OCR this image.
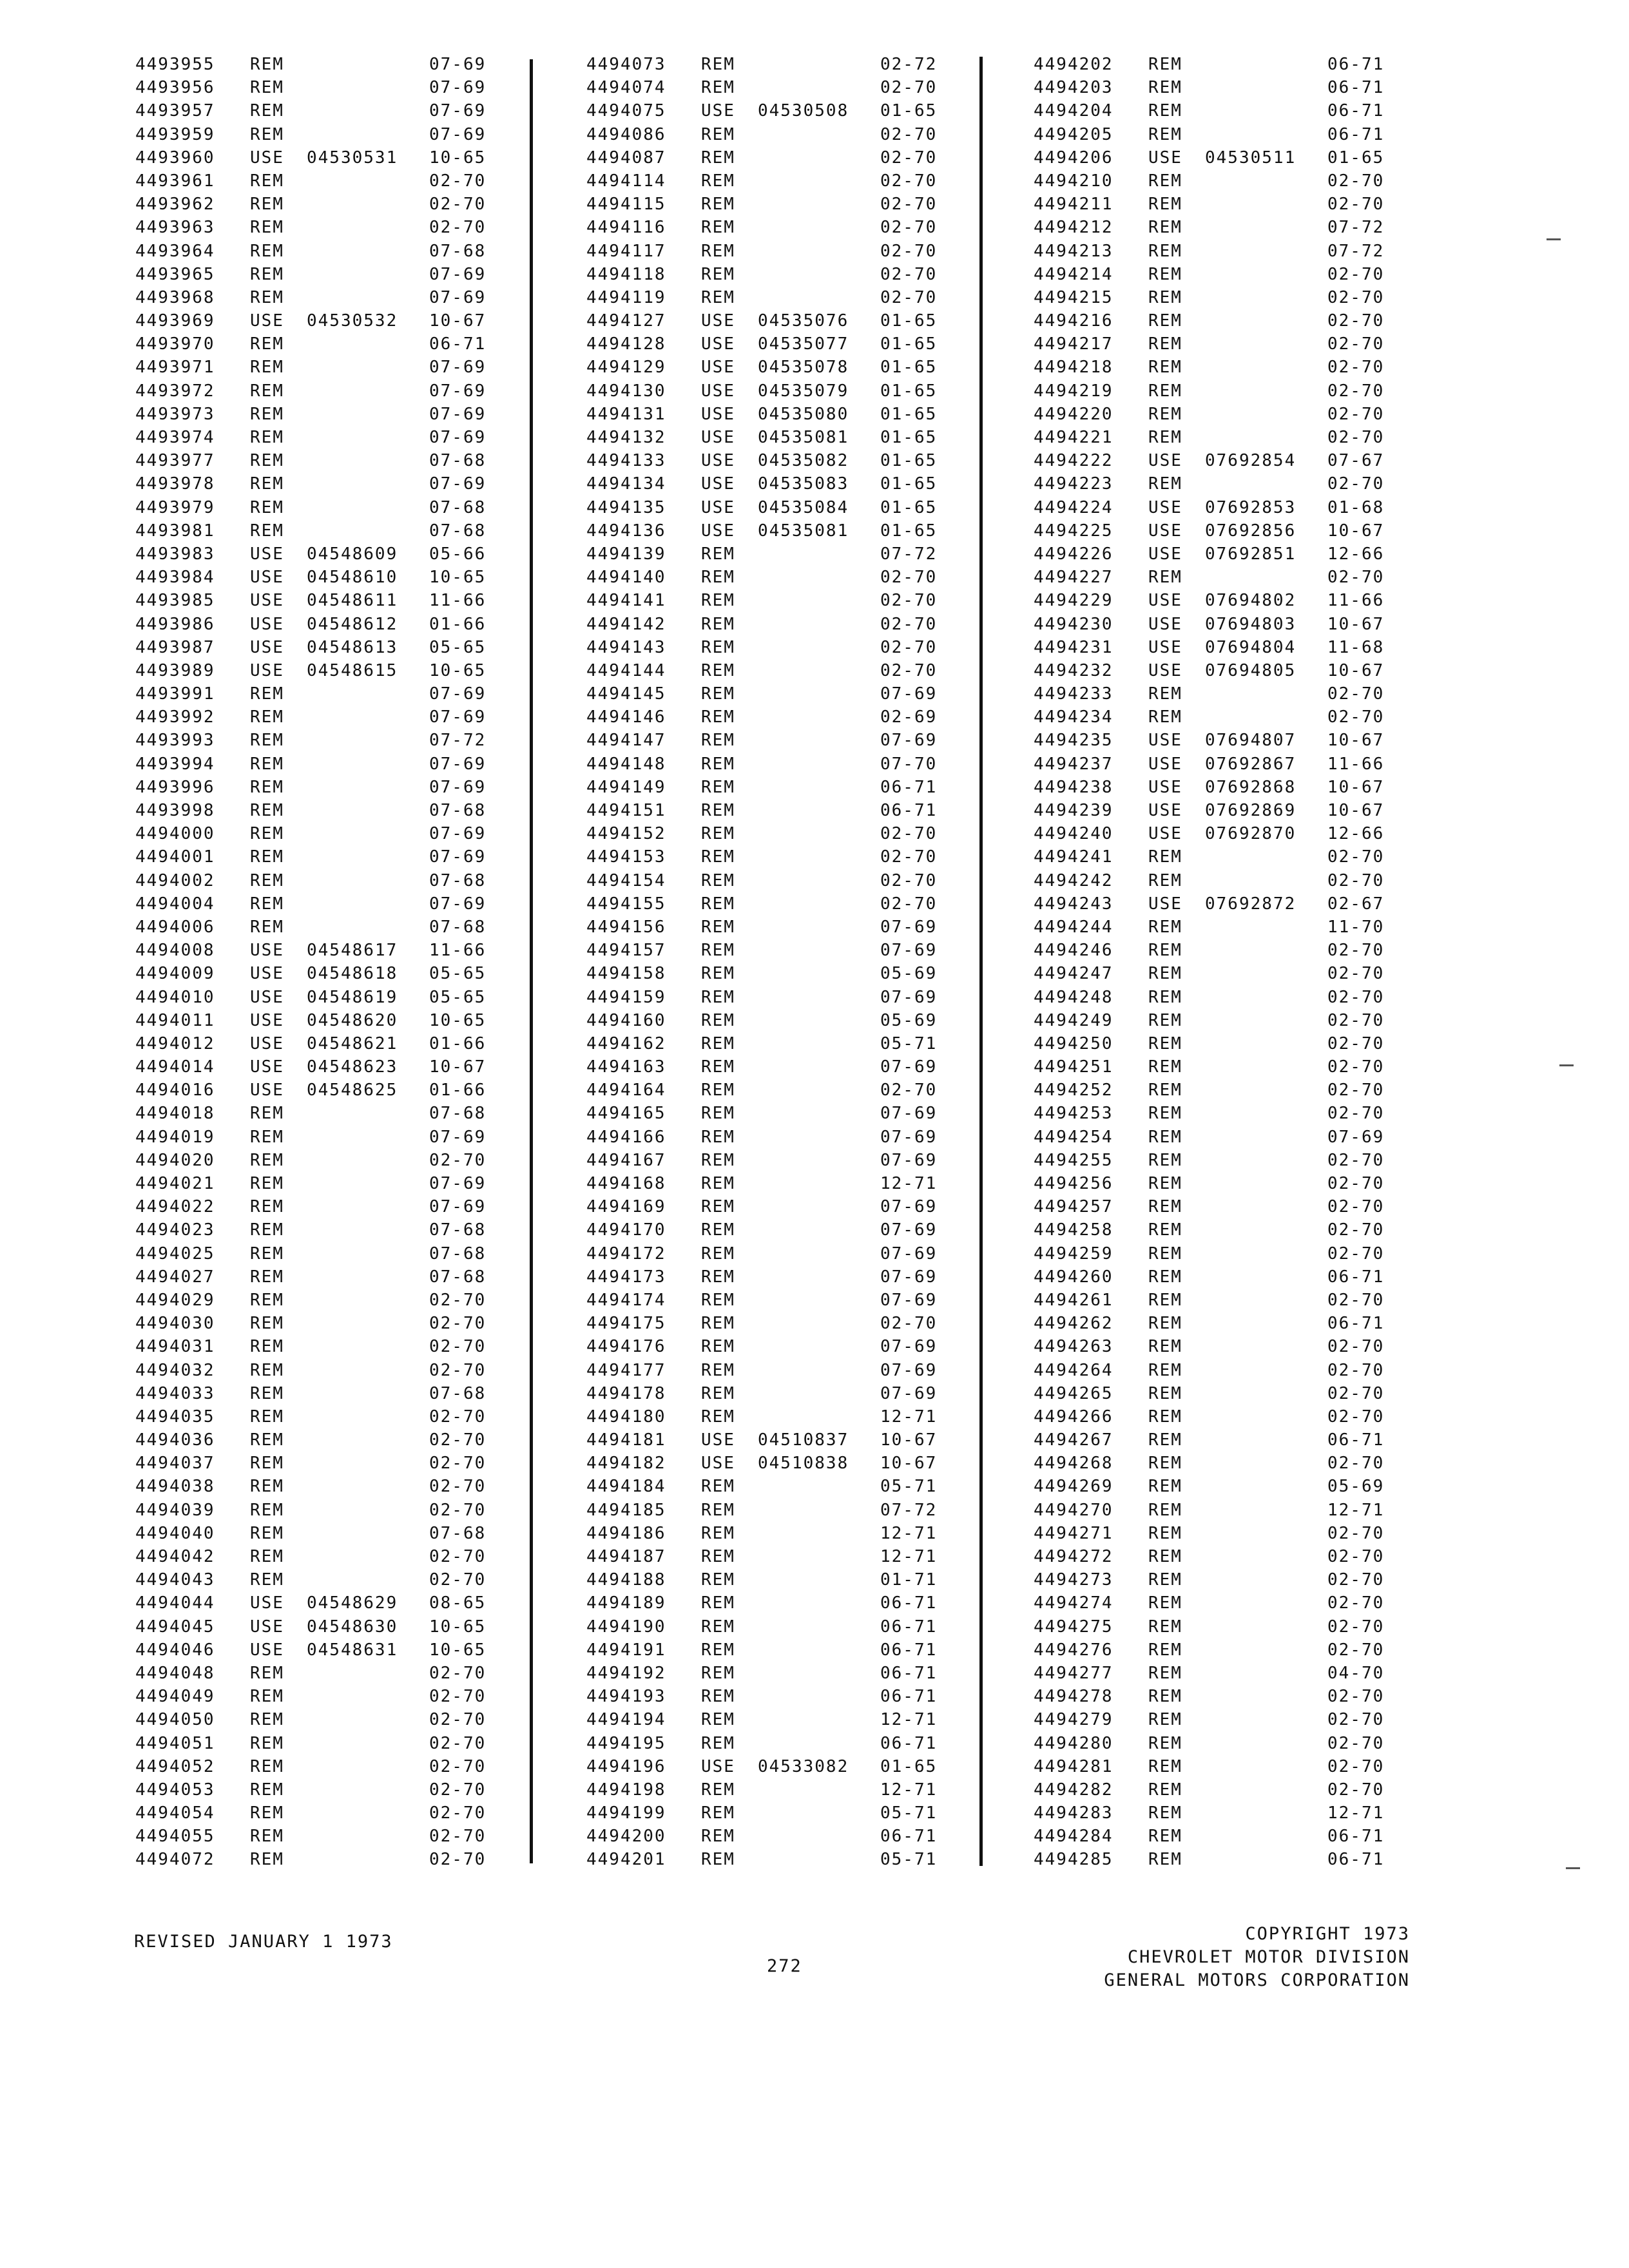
4493955 REM	07-69
4493956 REM	07-69
4493957 REM	07-69
4493959 REM	07-69
4493960 USE 04530531 10-65
4493961 REM	02-70
4493962 REM	02-70
4493963 REM	02-70
4493964 REM	07-68
4493965 REM	07-69
4493968 REM	07-69
4493969 USE 04530532 10-67
4493970 REM	06-71
4493971 REM	07-69
4493972 REM	07-69
4493973 REM	07-69
4493974 REM	07-69
4493977 REM	07-68
4493978 REM	07-69
4493979 REM	07-68
4493981 REM	07-68
4493983 USE 04548609 05-66
4493984 USE 04548610 10-65
4493985 USE 04548611 11-66
4493986 USE 04548612 01-66
4493987 USE 04548613 05-65
4493989 USE 04548615 10-65
4493991 REM	07-69
4493992 REM	07-69
4493993 REM	07-72
4493994 REM	07-69
4493996 REM	07-69
4493998 REM	07-68
4494000 REM	07-69
4494001 REM	07-69
4494002 REM	07-68
4494004 REM	07-69
4494006 REM	07-68
4494008 USE 04548617 11-66
4494009 USE 04548618 05-65
4494010 USE 04548619 05-65
4494011 USE 04548620 10-65
4494012 USE 04548621 01-66
4494014 USE 04548623 10-67
4494016 USE 04548625 01-66
4494018 REM	07-68
4494019 REM	07-69
4494020 REM	02-70
4494021 REM	07-69
4494022 REM	07-69
4494023 REM	07-68
4494025 REM	07-68
4494027 REM	07-68
4494029 REM	02-70
4494030 REM	02-70
4494031 REM	02-70
4494032 REM	02-70
4494033 REM	07-68
4494035 REM	02-70
4494036 REM	02-70
4494037 REM	02-70
4494038 REM	02-70
4494039 REM	02-70
4494040 REM	07-68
4494042 REM	02-70
4494043 REM	02-70
4494044 USE 04548629 08-65
4494045 USE 04548630 10-65
4494046 USE 04548631 10-65
4494048 REM	02-70
4494049 REM	02-70
4494050 REM	02-70
4494051 REM	02-70
4494052 REM	02-70
4494053 REM	02-70
4494054 REM	02-70
4494055 REM	02-70
4494072 REM	02-70
4494073 REM	02-72
4494074 REM	02-70
4494075 USE 04530508 01-65
4494086 REM	02-70
4494087 REM	02-70
4494114 REM	02-70
4494115 REM	02-70
4494116 REM	02-70
4494117 REM	02-70
4494118 REM	02-70
4494119 REM	02-70
4494127 USE 04535076 01-65
4494128 USE 04535077 01-65
4494129 USE 04535078 01-65
4494130 USE 04535079 01-65
4494131 USE 04535080 01-65
4494132 USE 04535081 01-65
4494133 USE 04535082 01-65
4494134 USE 04535083 01-65
4494135 USE 04535084 01-65
4494136 USE 04535081 01-65
4494139 REM	07-72
4494140 REM	02-70
4494141 REM	02-70
4494142 REM	02-70
4494143 REM	02-70
4494144 REM	02-70
4494145 REM	07-69
4494146 REM	02-69
4494147 REM	07-69
4494148 REM	07-70
4494149 REM	06-71
4494151 REM	06-71
4494152 REM	02-70
4494153 REM	02-70
4494154 REM	02-70
4494155 REM	02-70
4494156 REM	07-69
4494157 REM	07-69
4494158 REM	05-69
4494159 REM	07-69
4494160 REM	05-69
4494162 REM	05-71
4494163 REM	07-69
4494164 REM	02-70
4494165 REM	07-69
4494166 REM	07-69
4494167 REM	07-69
4494168 REM	12-71
4494169 REM	07-69
4494170 REM	07-69
4494172 REM	07-69
4494173 REM	07-69
4494174 REM	07-69
4494175 REM	02-70
4494176 REM	07-69
4494177 REM	07-69
4494178 REM	07-69
4494180 REM	12-71
4494181 USE 04510837 10-67
4494182 USE 04510838 10-67
4494184 REM	05-71
4494185 REM	07-72
4494186 REM	12-71
4494187 REM	12-71
4494188 REM	01-71
4494189 REM	06-71
4494190 REM	06-71
4494191 REM	06-71
4494192 REM	06-71
4494193 REM	06-71
4494194 REM	12-71
4494195 REM	06-71
4494196 USE 04533082 01-65
4494198 REM	12-71
4494199 REM	05-71
4494200 REM	06-71
4494201 REM	05-71
4494202 REM	06-71
4494203 REM	06-71
4494204 REM	06-71
4494205 REM	06-71
4494206 USE 04530511 01-65
4494210 REM	02-70
4494211 REM	02-70
4494212 REM	07-72
4494213 REM	07-72
4494214 REM	02-70
4494215 REM	02-70
4494216 REM	02-70
4494217 REM	02-70
4494218 REM	02-70
4494219 REM	02-70
4494220 REM	02-70
4494221 REM	02-70
4494222 USE 07692854 07-67
4494223 REM	02-70
4494224 USE 07692853 01-68
4494225 USE 07692856 10-67
4494226 USE 07692851 12-66
4494227 REM	02-70
4494229 USE 07694802 11-66
4494230 USE 07694803 10-67
4494231 USE 07694804 11-68
4494232 USE 07694805 10-67
4494233 REM	02-70
4494234 REM	02-70
4494235 USE 07694807 10-67
4494237 USE 07692867 11-66
4494238 USE 07692868 10-67
4494239 USE 07692869 10-67
4494240 USE 07692870 12-66
4494241 REM	02-70
4494242 REM	02-70
4494243 USE 07692872 02-67
4494244 REM	11-70
4494246 REM	02-70
4494247 REM	02-70
4494248 REM	02-70
4494249 REM	02-70
4494250 REM	02-70
4494251 REM	02-70
4494252 REM	02-70
4494253 REM	02-70
4494254 REM	07-69
4494255 REM	02-70
4494256 REM	02-70
4494257 REM	02-70
4494258 REM	02-70
4494259 REM	02-70
4494260 REM	06-71
4494261 REM	02-70
4494262 REM	06-71
4494263 REM	02-70
4494264 REM	02-70
4494265 REM	02-70
4494266 REM	02-70
4494267 REM	06-71
4494268 REM	02-70
4494269 REM	05-69
4494270 REM	12-71
4494271 REM	02-70
4494272 REM	02-70
4494273 REM	02-70
4494274 REM	02-70
4494275 REM	02-70
4494276 REM	02-70
4494277 REM	04-70
4494278 REM	02-70
4494279 REM	02-70
4494280 REM	02-70
4494281 REM	02-70
4494282 REM	02-70
4494283 REM	12-71
4494284 REM	06-71
4494285 REM	06-71
REVISED JANUARY 1 1973
272
COPYRIGHT 1973
CHEVROLET MOTOR DIVISION
GENERAL MOTORS CORPORATION
